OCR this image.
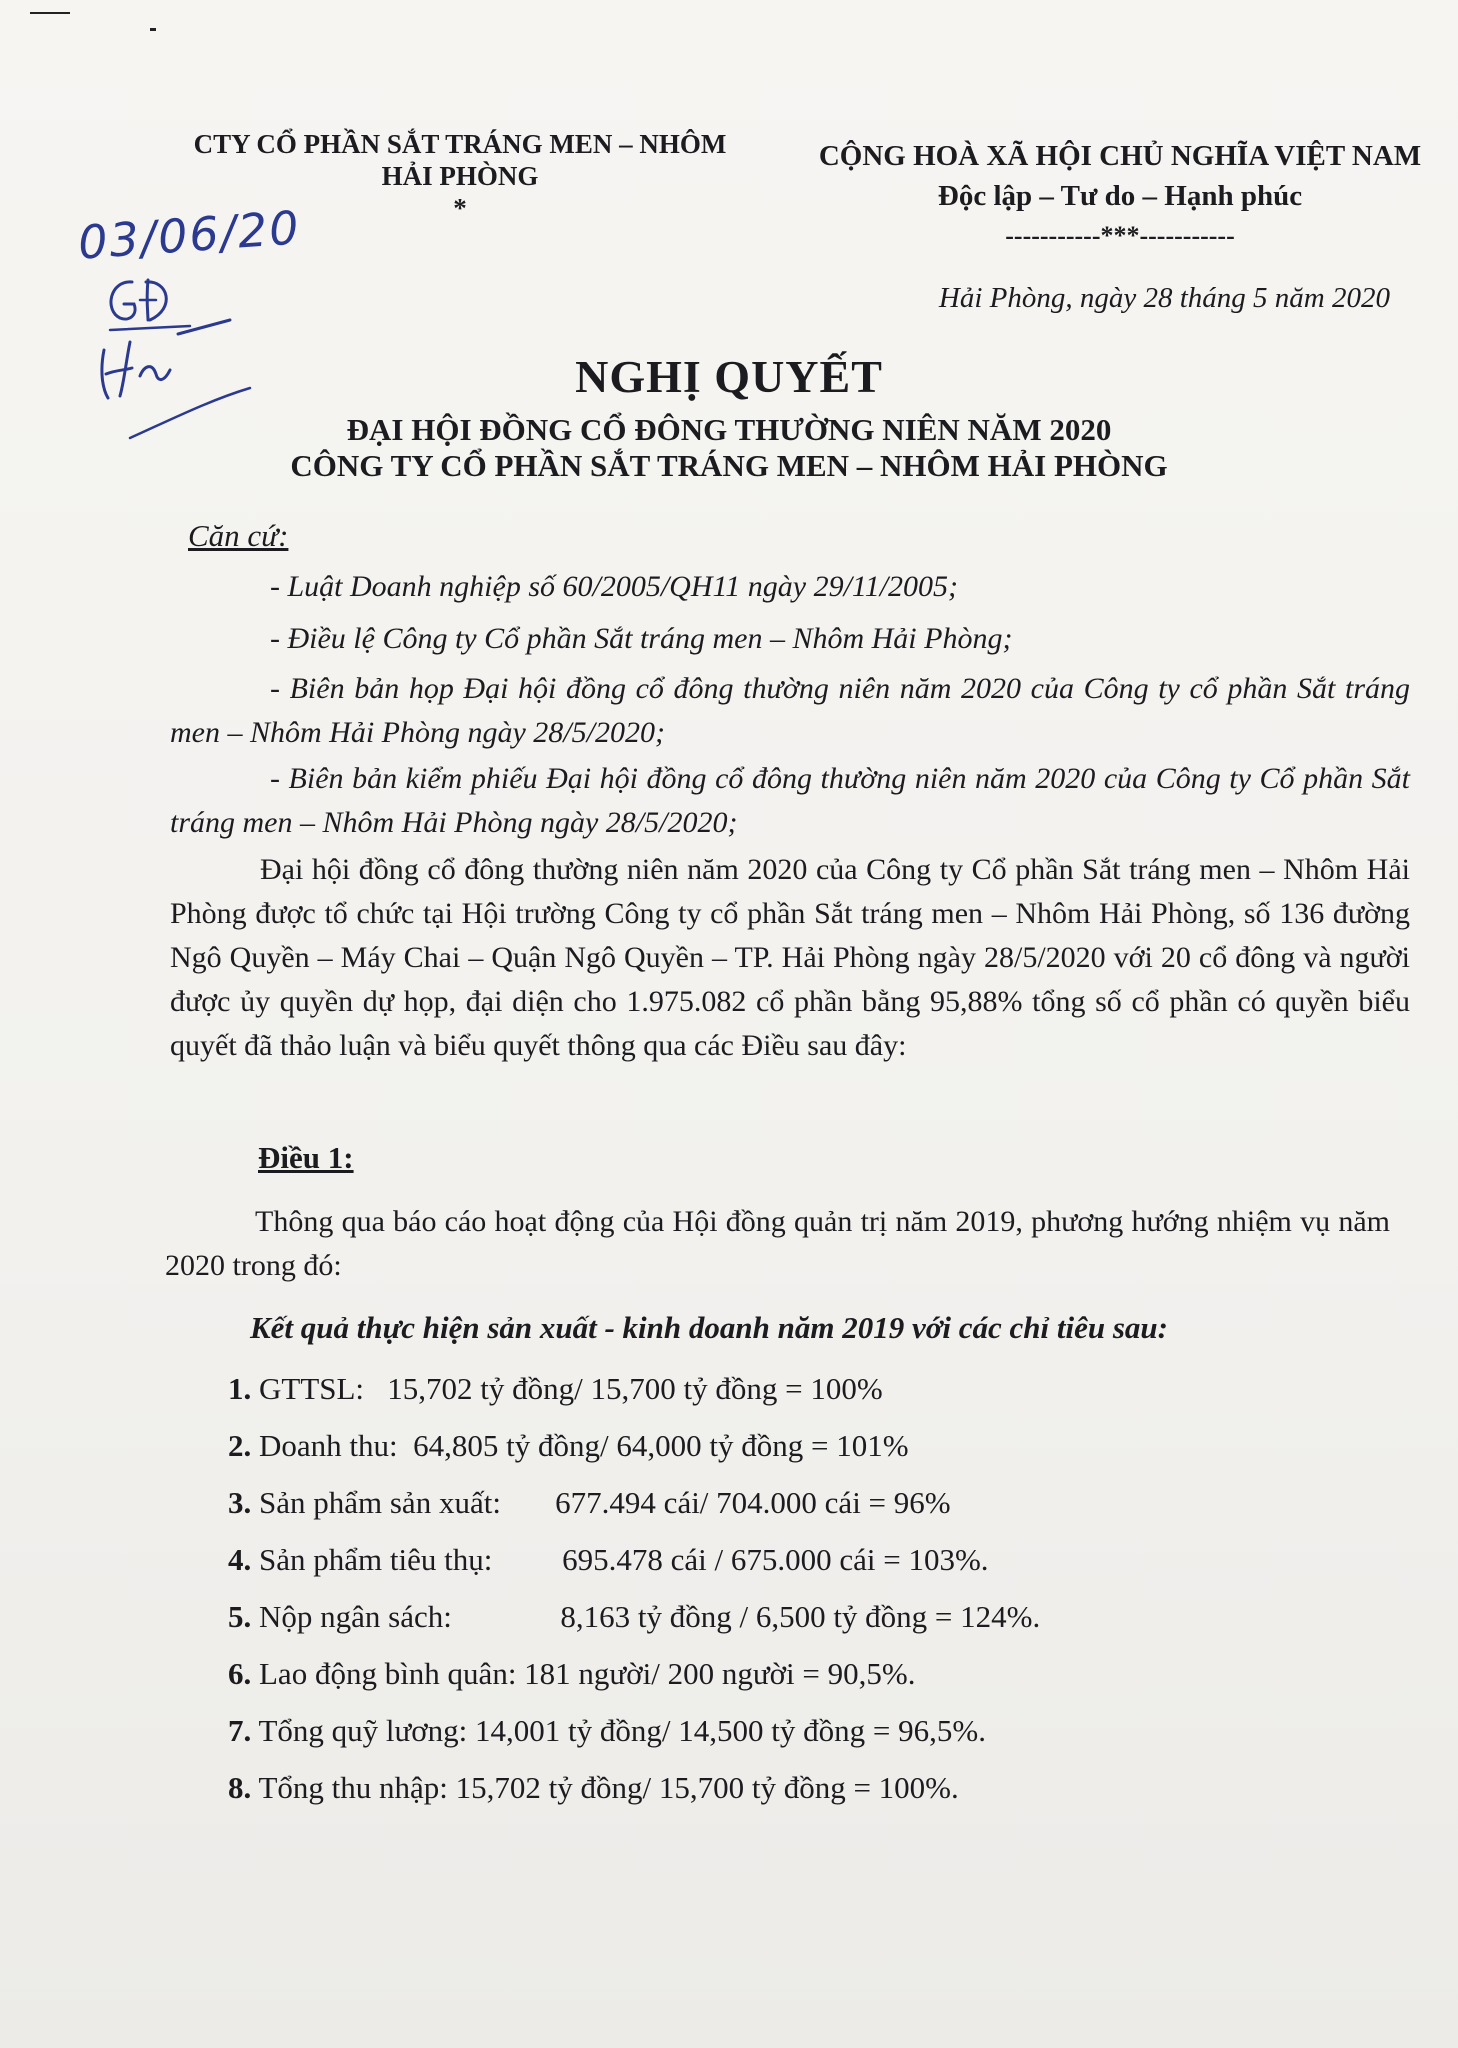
CTY CỔ PHẦN SẮT TRÁNG MEN – NHÔM
HẢI PHÒNG
*
CỘNG HOÀ XÃ HỘI CHỦ NGHĨA VIỆT NAM
Độc lập – Tư do – Hạnh phúc
-----------***-----------
03/06/20
Hải Phòng, ngày 28 tháng 5 năm 2020
NGHỊ QUYẾT
ĐẠI HỘI ĐỒNG CỔ ĐÔNG THƯỜNG NIÊN NĂM 2020
CÔNG TY CỔ PHẦN SẮT TRÁNG MEN – NHÔM HẢI PHÒNG
Căn cứ:
- Luật Doanh nghiệp số 60/2005/QH11 ngày 29/11/2005;
- Điều lệ Công ty Cổ phần Sắt tráng men – Nhôm Hải Phòng;
- Biên bản họp Đại hội đồng cổ đông thường niên năm 2020 của Công ty cổ phần Sắt tráng men – Nhôm Hải Phòng ngày 28/5/2020;
- Biên bản kiểm phiếu Đại hội đồng cổ đông thường niên năm 2020 của Công ty Cổ phần Sắt tráng men – Nhôm Hải Phòng ngày 28/5/2020;
Đại hội đồng cổ đông thường niên năm 2020 của Công ty Cổ phần Sắt tráng men – Nhôm Hải Phòng được tổ chức tại Hội trường Công ty cổ phần Sắt tráng men – Nhôm Hải Phòng, số 136 đường Ngô Quyền – Máy Chai – Quận Ngô Quyền – TP. Hải Phòng ngày 28/5/2020 với 20 cổ đông và người được ủy quyền dự họp, đại diện cho 1.975.082 cổ phần bằng 95,88% tổng số cổ phần có quyền biểu quyết đã thảo luận và biểu quyết thông qua các Điều sau đây:
Điều 1:
Thông qua báo cáo hoạt động của Hội đồng quản trị năm 2019, phương hướng nhiệm vụ năm 2020 trong đó:
Kết quả thực hiện sản xuất - kinh doanh năm 2019 với các chỉ tiêu sau:
1. GTTSL:   15,702 tỷ đồng/ 15,700 tỷ đồng = 100%
2. Doanh thu:  64,805 tỷ đồng/ 64,000 tỷ đồng = 101%
3. Sản phẩm sản xuất:       677.494 cái/ 704.000 cái = 96%
4. Sản phẩm tiêu thụ:         695.478 cái / 675.000 cái = 103%.
5. Nộp ngân sách:              8,163 tỷ đồng / 6,500 tỷ đồng = 124%.
6. Lao động bình quân: 181 người/ 200 người = 90,5%.
7. Tổng quỹ lương: 14,001 tỷ đồng/ 14,500 tỷ đồng = 96,5%.
8. Tổng thu nhập: 15,702 tỷ đồng/ 15,700 tỷ đồng = 100%.
